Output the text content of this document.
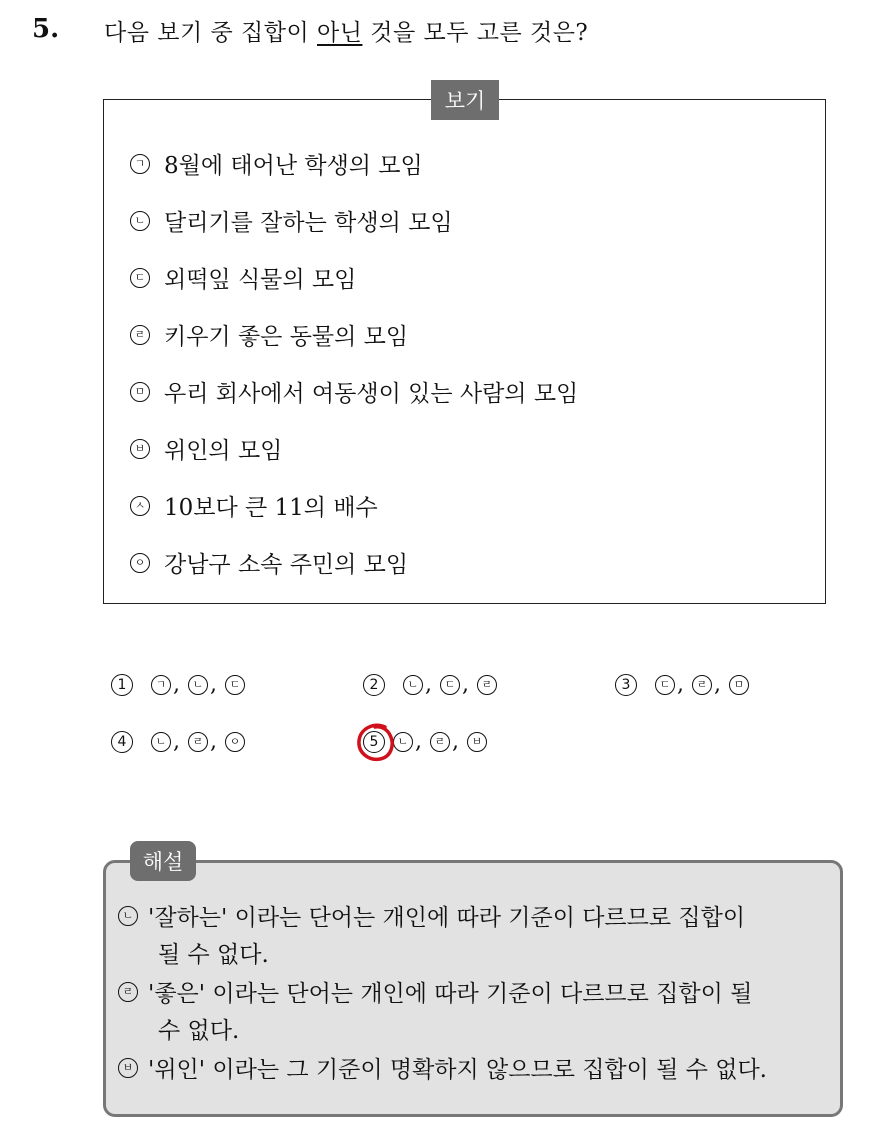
5. 다음 보기 중 집합이 아닌 것을 모두 고른 것은?
보기
ㄱ 8월에 태어난 학생의 모임
ㄴ 달리기를 잘하는 학생의 모임
ㄷ 외떡잎 식물의 모임
ㄹ 키우기 좋은 동물의 모임
ㅁ 우리 회사에서 여동생이 있는 사람의 모임
ㅂ 위인의 모임
ㅅ 10보다 큰 11의 배수
ㅇ 강남구 소속 주민의 모임
1	ㄱ ,	ㄴ ,	ㄷ	2	ㄴ ,	ㄷ ,	ㄹ	3	ㄷ ,	ㄹ ,	ㅁ
4	ㄴ ,	ㄹ ,	ㅇ	5	ㄴ ,	ㄹ ,	ㅂ
해설
ㄴ '잘하는' 이라는 단어는 개인에 따라 기준이 다르므로 집합이
될 수 없다.
ㄹ '좋은' 이라는 단어는 개인에 따라 기준이 다르므로 집합이 될
수 없다.
ㅂ '위인' 이라는 그 기준이 명확하지 않으므로 집합이 될 수 없다.
